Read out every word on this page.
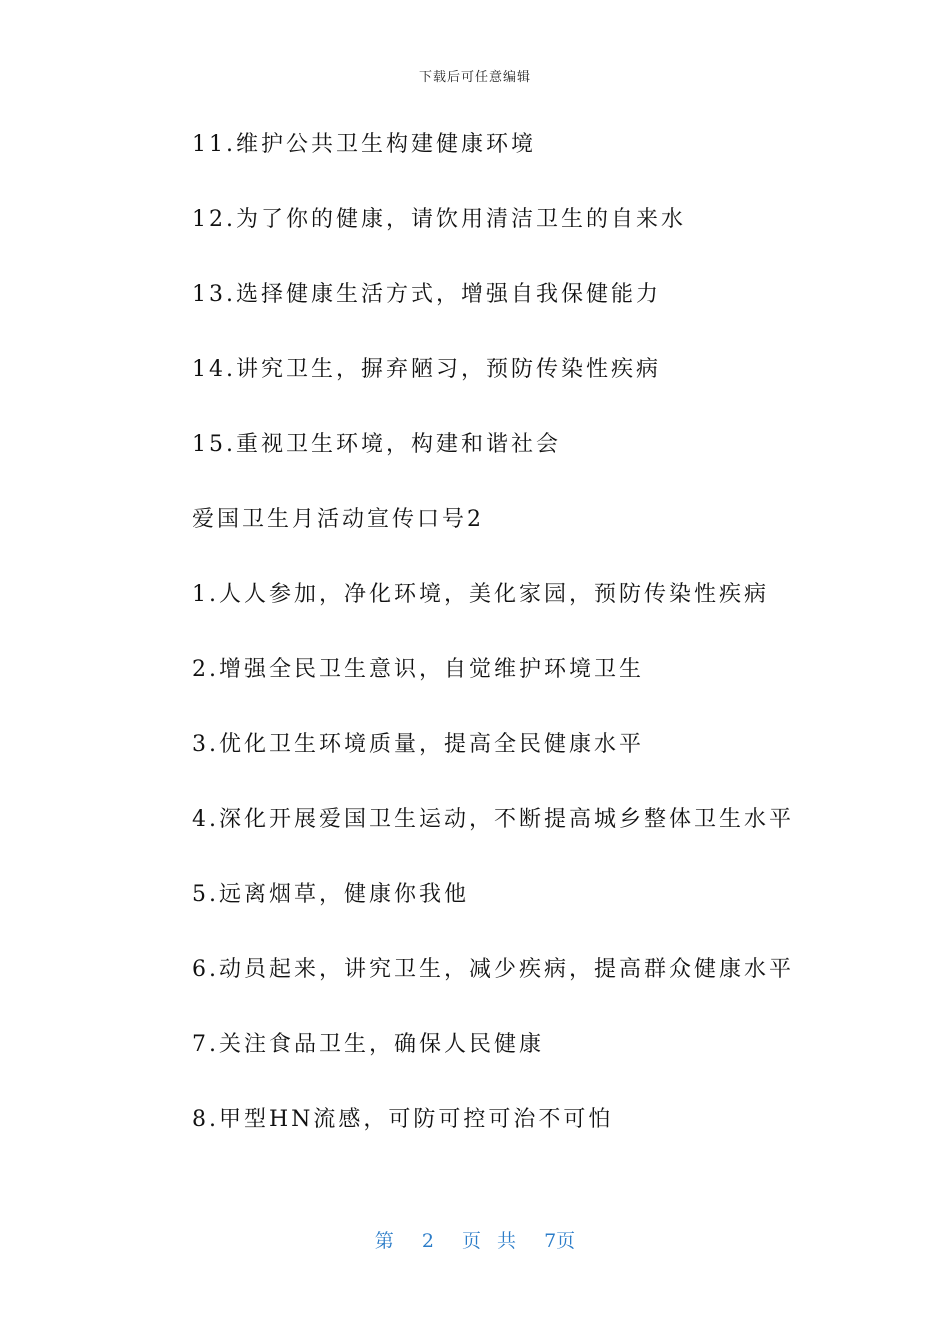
下载后可任意编辑
11.维护公共卫生构建健康环境
12.为了你的健康，请饮用清洁卫生的自来水
13.选择健康生活方式，增强自我保健能力
14.讲究卫生，摒弃陋习，预防传染性疾病
15.重视卫生环境，构建和谐社会
爱国卫生月活动宣传口号2
1.人人参加，净化环境，美化家园，预防传染性疾病
2.增强全民卫生意识，自觉维护环境卫生
3.优化卫生环境质量，提高全民健康水平
4.深化开展爱国卫生运动，不断提高城乡整体卫生水平
5.远离烟草，健康你我他
6.动员起来，讲究卫生，减少疾病，提高群众健康水平
7.关注食品卫生，确保人民健康
8.甲型HN流感，可防可控可治不可怕
第 2 页 共 7页
